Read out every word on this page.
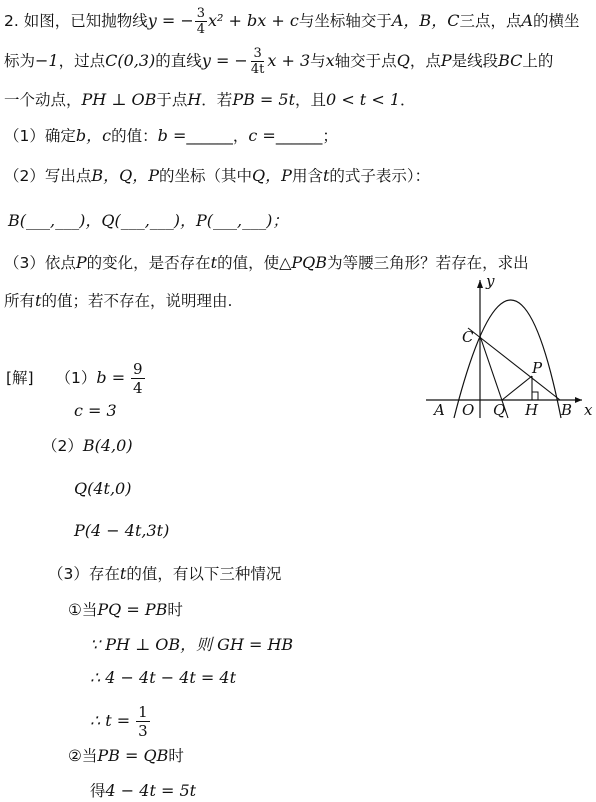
2. 如图，已知抛物线y = − $\frac{3}{4} x^2$ + bx + c与坐标轴交于A，B，C三点，点A的横坐
标为−1，过点C(0,3)的直线y = − $\frac{3}{4t}$ x + 3与x轴交于点Q，点P是线段BC上的
一个动点，PH ⊥ OB于点H．若PB = 5t，且0 < t < 1．
（1）确定b，c的值：b =______，c =______；
（2）写出点B，Q，P的坐标（其中Q，P用含t的式子表示）：
B(___,___)，Q(___,___)，P(___,___)；
（3）依点P的变化，是否存在t的值，使△PQB为等腰三角形？若存在，求出
所有t的值；若不存在，说明理由.
y
C
P
A O Q H B x
[解] $(1)b = \frac{9}{4}$
c = 3
（2）B(4,0)
Q(4t,0)
P(4 − 4t,3t)
（3）存在t的值，有以下三种情况
①当PQ = PB时
∵ PH ⊥ OB，则 GH = HB
∴ 4 − 4t − 4t = 4t
∴ $t = \frac{1}{3}$
②当PB = QB时
得4 − 4t = 5t
